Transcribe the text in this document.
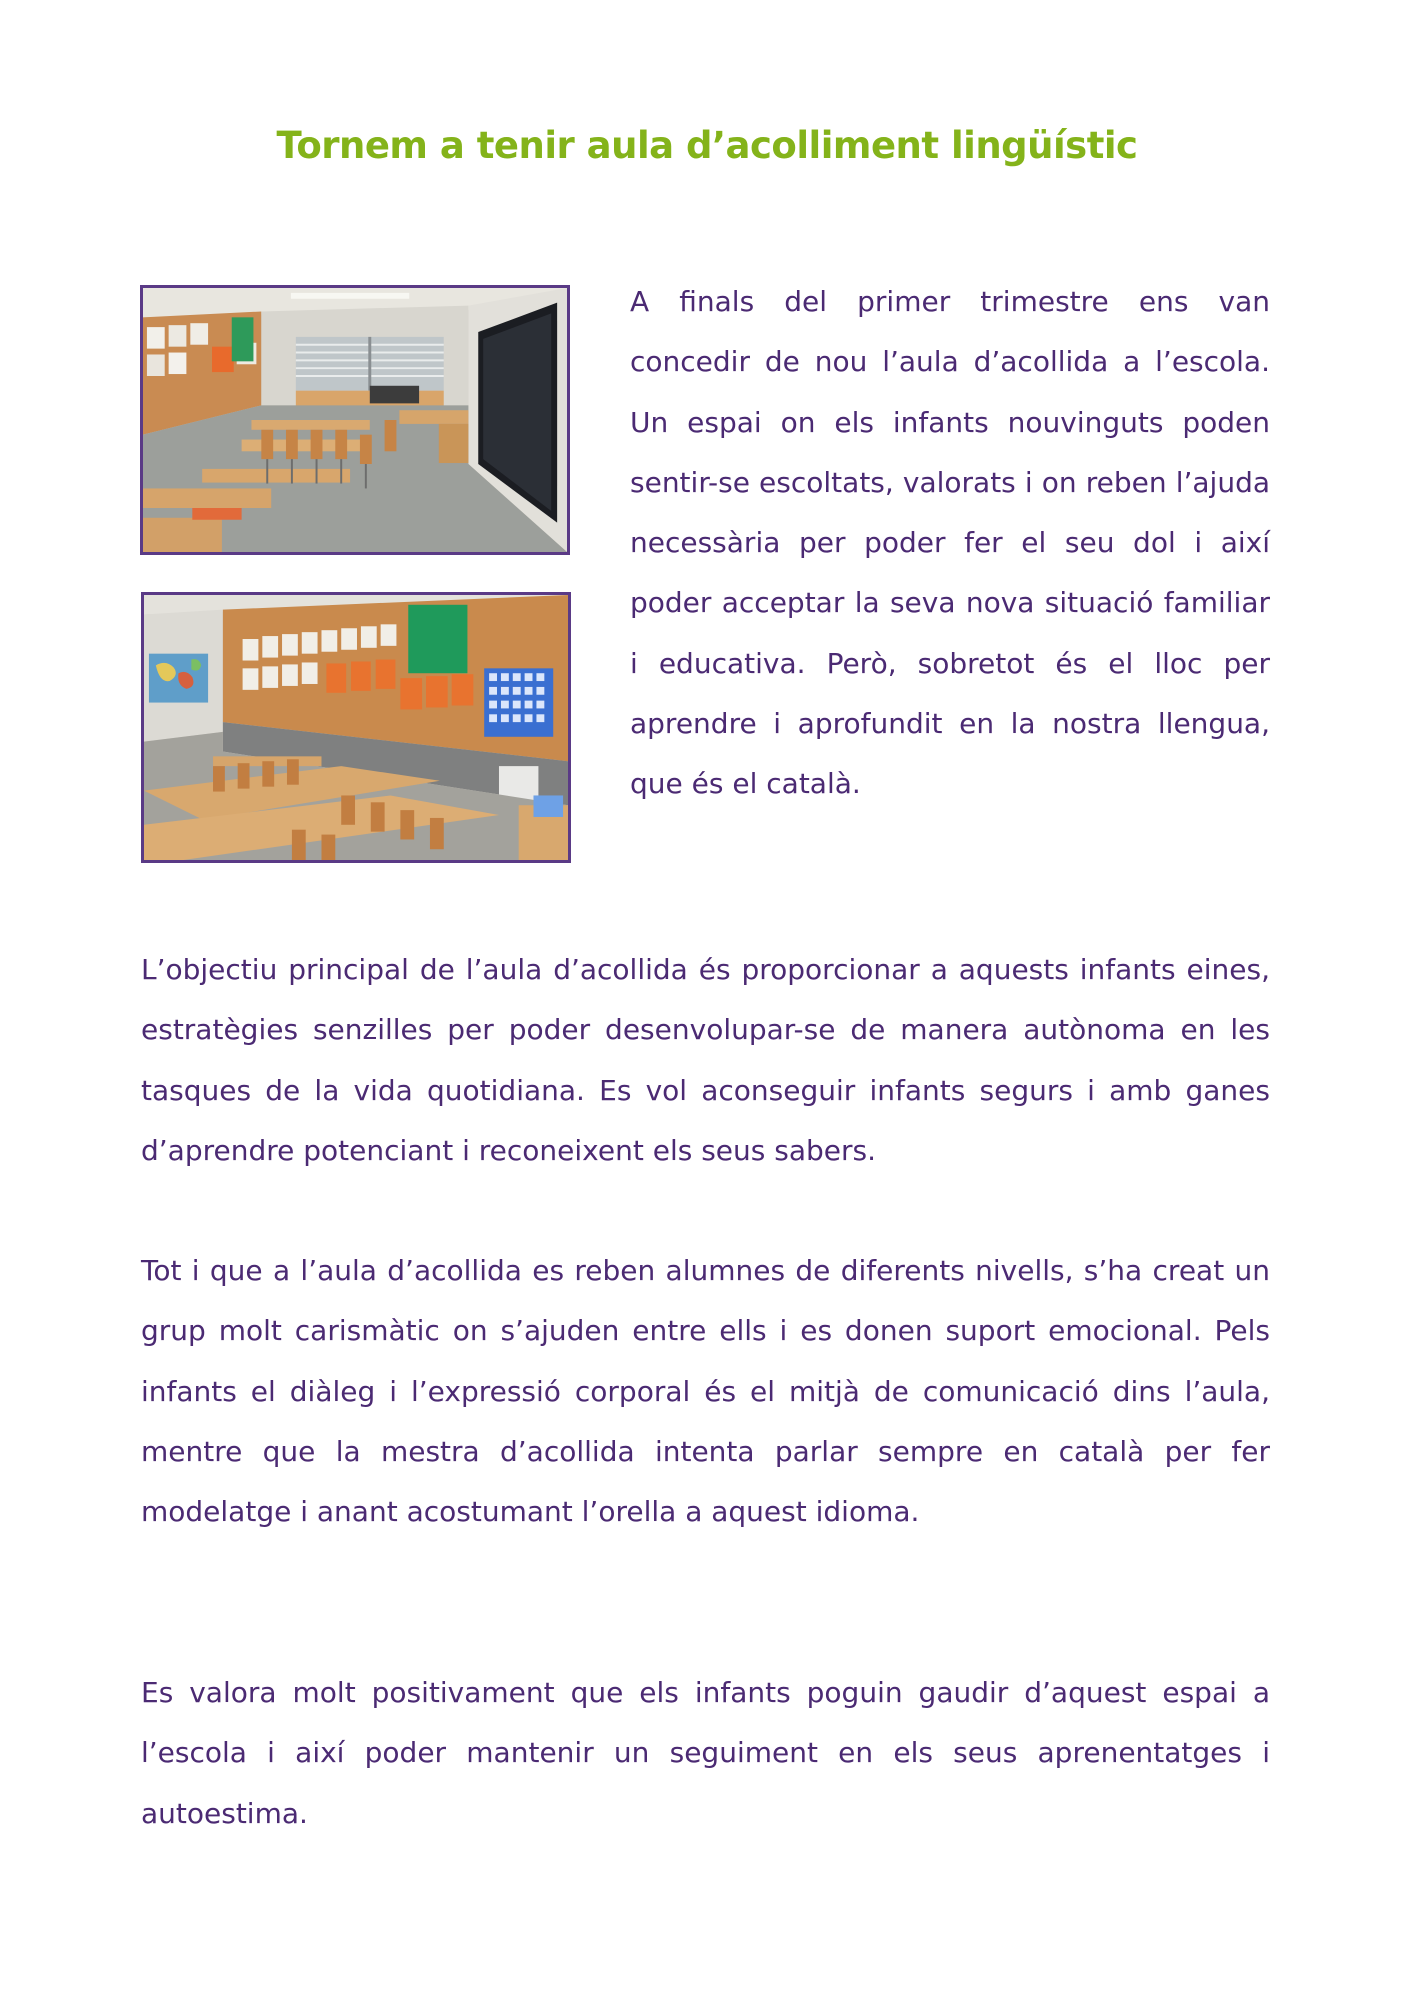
Tornem a tenir aula d’acolliment lingüístic

A finals del primer trimestre ens van concedir de nou l’aula d’acollida a l’escola. Un espai on els infants nouvinguts poden sentir-se escoltats, valorats i on reben l’ajuda necessària per poder fer el seu dol i així poder acceptar la seva nova situació familiar i educativa. Però, sobretot és el lloc per aprendre i aprofundit en la nostra llengua, que és el català.

L’objectiu principal de l’aula d’acollida és proporcionar a aquests infants eines, estratègies senzilles per poder desenvolupar-se de manera autònoma en les tasques de la vida quotidiana. Es vol aconseguir infants segurs i amb ganes d’aprendre potenciant i reconeixent els seus sabers.

Tot i que a l’aula d’acollida es reben alumnes de diferents nivells, s’ha creat un grup molt carismàtic on s’ajuden entre ells i es donen suport emocional. Pels infants el diàleg i l’expressió corporal és el mitjà de comunicació dins l’aula, mentre que la mestra d’acollida intenta parlar sempre en català per fer modelatge i anant acostumant l’orella a aquest idioma.

Es valora molt positivament que els infants poguin gaudir d’aquest espai a l’escola i així poder mantenir un seguiment en els seus aprenentatges i autoestima.
